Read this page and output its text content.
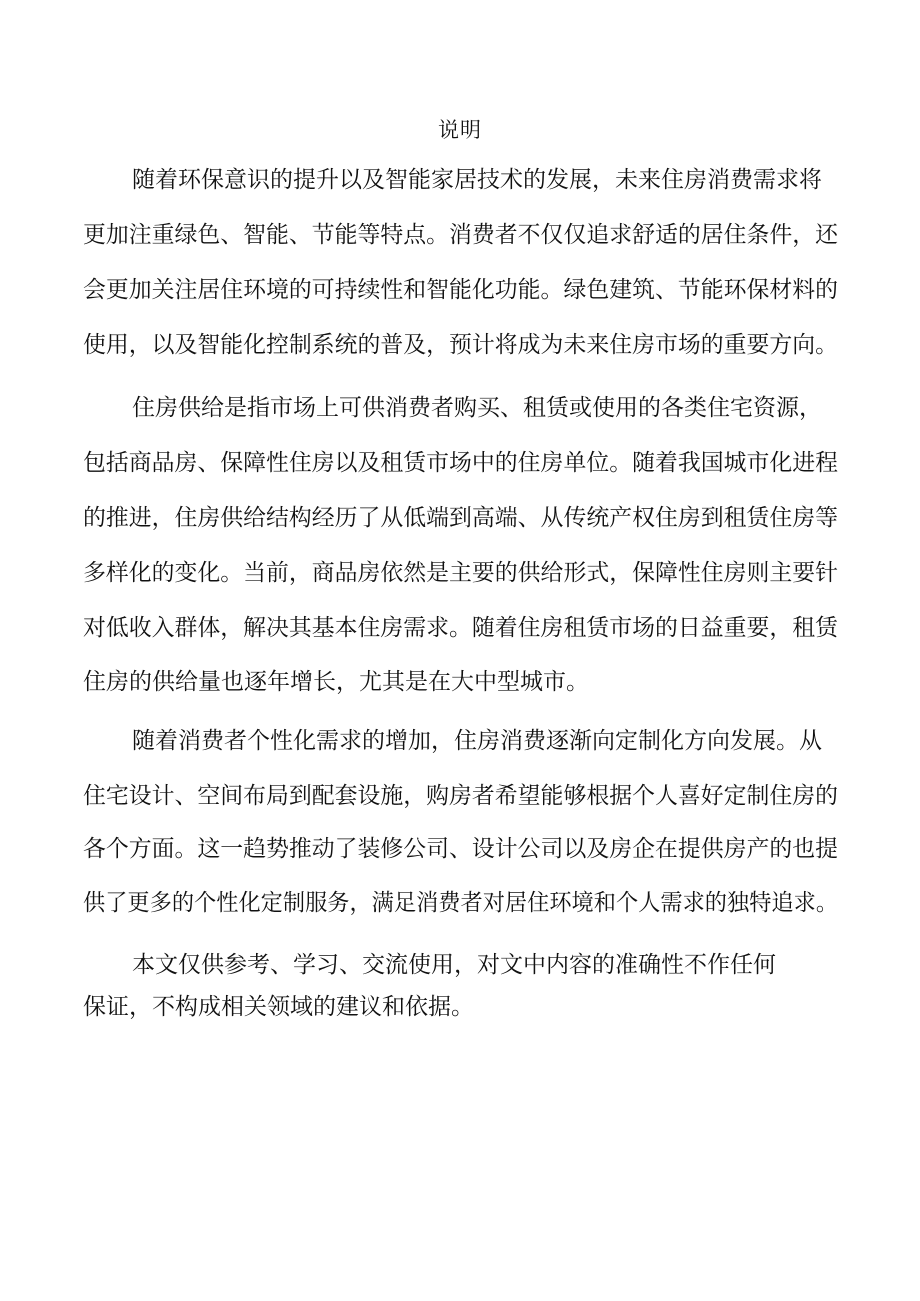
说明
随着环保意识的提升以及智能家居技术的发展，未来住房消费需求将
更加注重绿色、智能、节能等特点。消费者不仅仅追求舒适的居住条件，还
会更加关注居住环境的可持续性和智能化功能。绿色建筑、节能环保材料的
使用，以及智能化控制系统的普及，预计将成为未来住房市场的重要方向。
住房供给是指市场上可供消费者购买、租赁或使用的各类住宅资源，
包括商品房、保障性住房以及租赁市场中的住房单位。随着我国城市化进程
的推进，住房供给结构经历了从低端到高端、从传统产权住房到租赁住房等
多样化的变化。当前，商品房依然是主要的供给形式，保障性住房则主要针
对低收入群体，解决其基本住房需求。随着住房租赁市场的日益重要，租赁
住房的供给量也逐年增长，尤其是在大中型城市。
随着消费者个性化需求的增加，住房消费逐渐向定制化方向发展。从
住宅设计、空间布局到配套设施，购房者希望能够根据个人喜好定制住房的
各个方面。这一趋势推动了装修公司、设计公司以及房企在提供房产的也提
供了更多的个性化定制服务，满足消费者对居住环境和个人需求的独特追求。
本文仅供参考、学习、交流使用，对文中内容的准确性不作任何
保证，不构成相关领域的建议和依据。
